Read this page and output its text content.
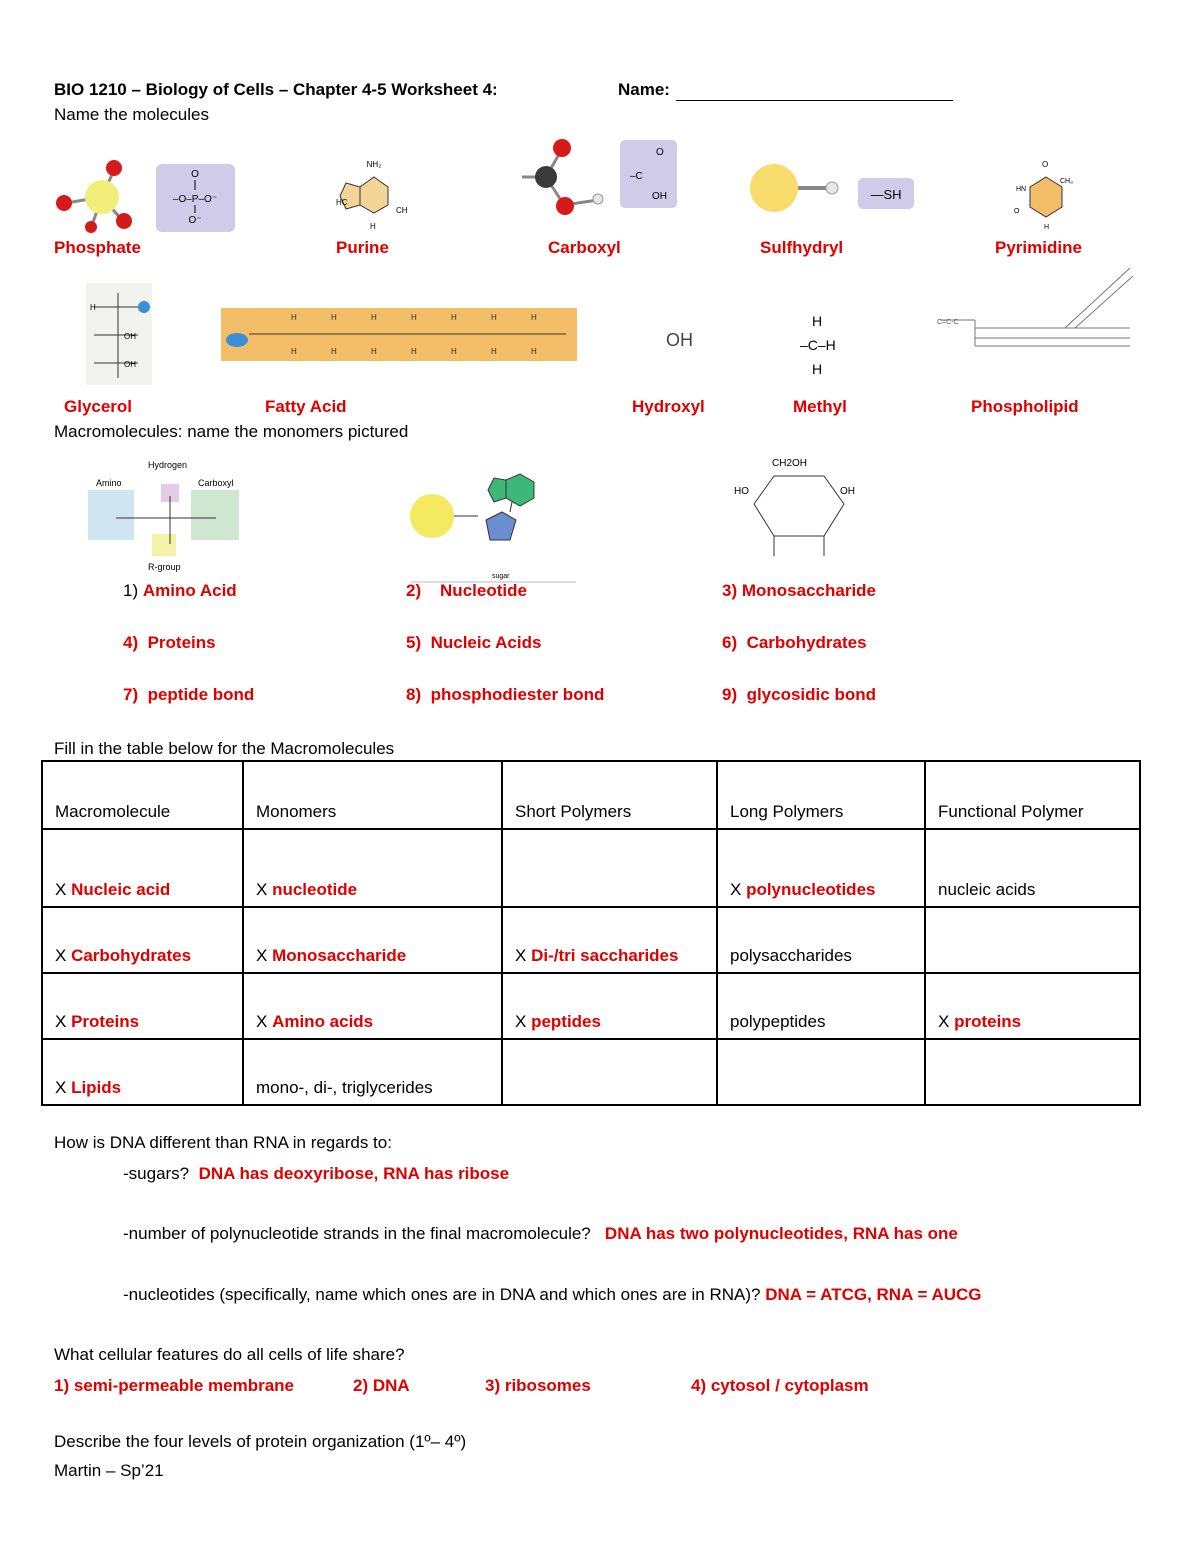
BIO 1210 – Biology of Cells – Chapter 4-5 Worksheet 4:	Name:
Name the molecules
O
–O–P–O⁻
O⁻
NH₂
CH
HC
H
O
–C
OH	—SH
O
CH₃
HN
O
H
Phosphate	Purine	Carboxyl	Sulfhydryl	Pyrimidine
H
OH
OH
H	H	H	H	H	H	H
H	H	H	H	H	H	H
OH
H
–C–H
H
C=C-C
Glycerol	Fatty Acid	Hydroxyl	Methyl	Phospholipid
Macromolecules: name the monomers pictured
Hydrogen
Amino	Carboxyl
R-group
sugar
CH2OH
HO	OH
1) Amino Acid	2) Nucleotide	3) Monosaccharide
4) Proteins	5) Nucleic Acids	6) Carbohydrates
7) peptide bond	8) phosphodiester bond	9) glycosidic bond
Fill in the table below for the Macromolecules
Macromolecule	Monomers	Short Polymers	Long Polymers	Functional Polymer
X Nucleic acid	X nucleotide		X polynucleotides	nucleic acids
X Carbohydrates	X Monosaccharide	X Di-/tri saccharides	polysaccharides	
X Proteins	X Amino acids	X peptides	polypeptides	X proteins
X Lipids	mono-, di-, triglycerides			
How is DNA different than RNA in regards to:
-sugars? DNA has deoxyribose, RNA has ribose
-number of polynucleotide strands in the final macromolecule? DNA has two polynucleotides, RNA has one
-nucleotides (specifically, name which ones are in DNA and which ones are in RNA)? DNA = ATCG, RNA = AUCG
What cellular features do all cells of life share?
1) semi-permeable membrane	2) DNA	3) ribosomes	4) cytosol / cytoplasm
Describe the four levels of protein organization (1º– 4º)
Martin – Sp’21
